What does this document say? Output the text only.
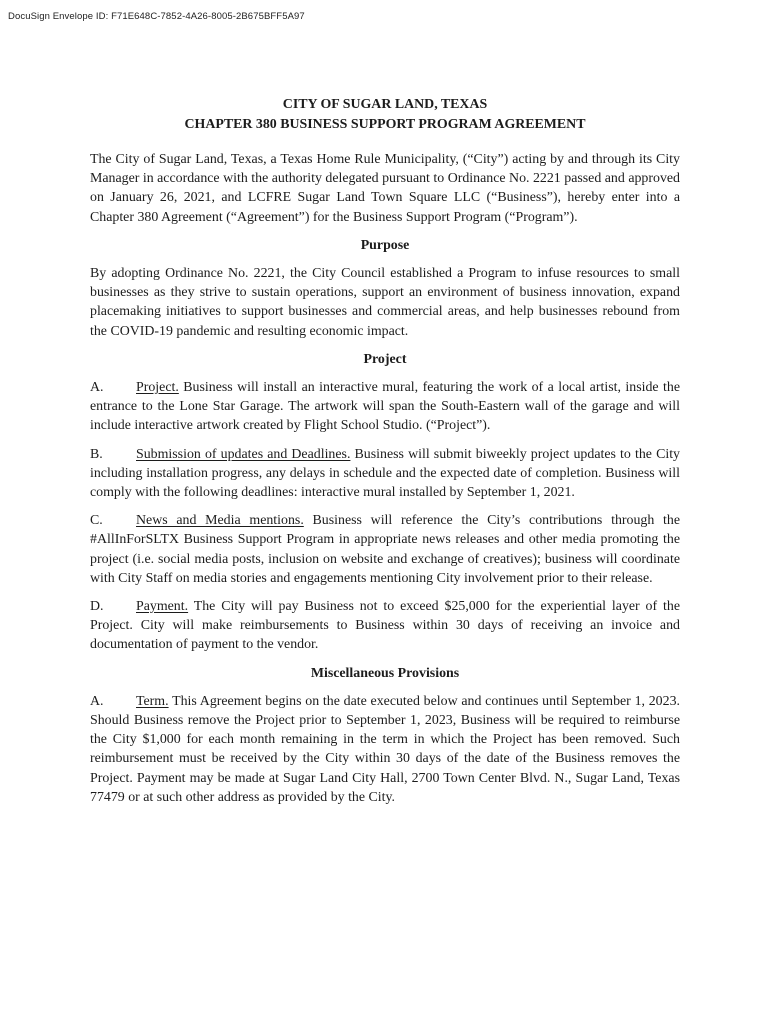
DocuSign Envelope ID: F71E648C-7852-4A26-8005-2B675BFF5A97
CITY OF SUGAR LAND, TEXAS
CHAPTER 380 BUSINESS SUPPORT PROGRAM AGREEMENT

The City of Sugar Land, Texas, a Texas Home Rule Municipality, (“City”) acting by and through its City Manager in accordance with the authority delegated pursuant to Ordinance No. 2221 passed and approved on January 26, 2021, and LCFRE Sugar Land Town Square LLC (“Business”), hereby enter into a Chapter 380 Agreement (“Agreement”) for the Business Support Program (“Program”).

Purpose

By adopting Ordinance No. 2221, the City Council established a Program to infuse resources to small businesses as they strive to sustain operations, support an environment of business innovation, expand placemaking initiatives to support businesses and commercial areas, and help businesses rebound from the COVID-19 pandemic and resulting economic impact.

Project

A. Project. Business will install an interactive mural, featuring the work of a local artist, inside the entrance to the Lone Star Garage. The artwork will span the South-Eastern wall of the garage and will include interactive artwork created by Flight School Studio. (“Project”).

B. Submission of updates and Deadlines. Business will submit biweekly project updates to the City including installation progress, any delays in schedule and the expected date of completion. Business will comply with the following deadlines: interactive mural installed by September 1, 2021.

C. News and Media mentions. Business will reference the City’s contributions through the #AllInForSLTX Business Support Program in appropriate news releases and other media promoting the project (i.e. social media posts, inclusion on website and exchange of creatives); business will coordinate with City Staff on media stories and engagements mentioning City involvement prior to their release.

D. Payment. The City will pay Business not to exceed $25,000 for the experiential layer of the Project. City will make reimbursements to Business within 30 days of receiving an invoice and documentation of payment to the vendor.

Miscellaneous Provisions

A. Term. This Agreement begins on the date executed below and continues until September 1, 2023. Should Business remove the Project prior to September 1, 2023, Business will be required to reimburse the City $1,000 for each month remaining in the term in which the Project has been removed. Such reimbursement must be received by the City within 30 days of the date of the Business removes the Project. Payment may be made at Sugar Land City Hall, 2700 Town Center Blvd. N., Sugar Land, Texas 77479 or at such other address as provided by the City.
